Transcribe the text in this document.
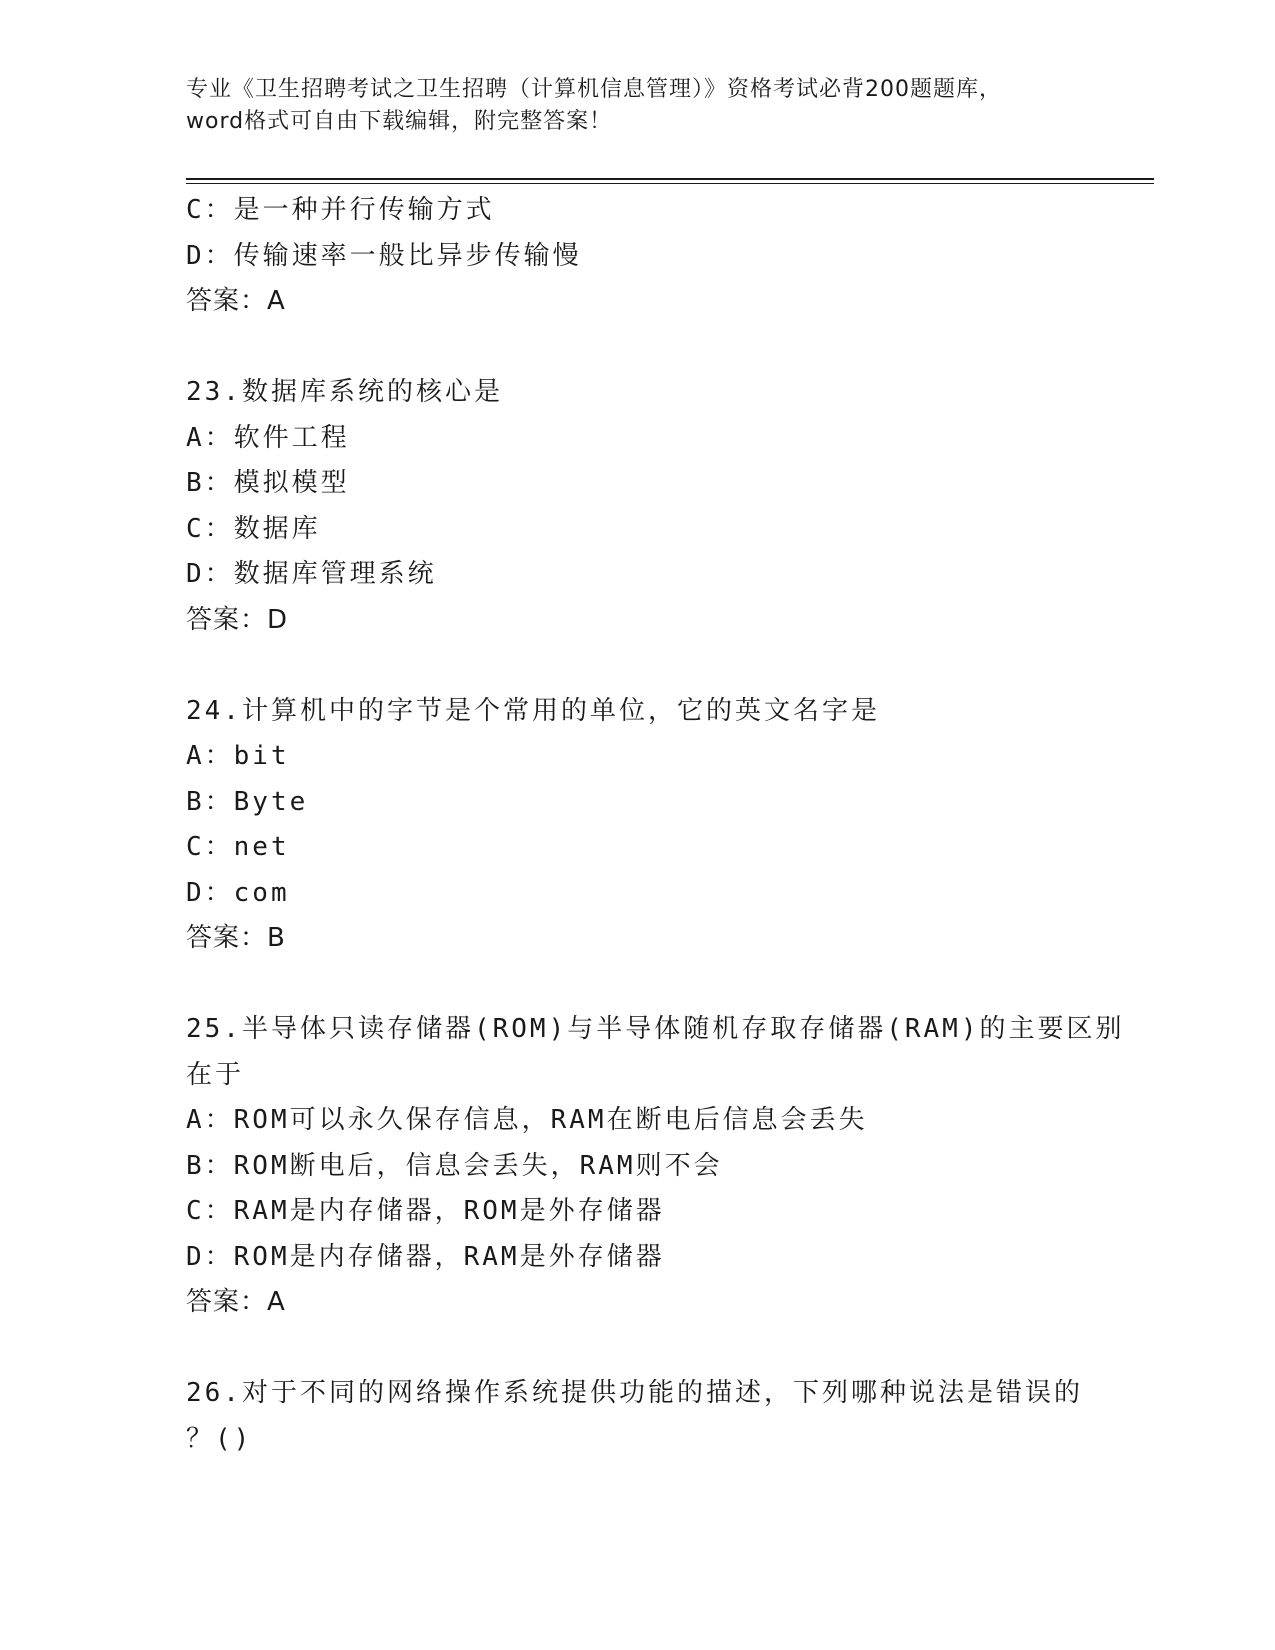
专业《卫生招聘考试之卫生招聘（计算机信息管理）》资格考试必背200题题库，
word格式可自由下载编辑，附完整答案！
C：是一种并行传输方式
D：传输速率一般比异步传输慢
答案：A
23.数据库系统的核心是
A：软件工程
B：模拟模型
C：数据库
D：数据库管理系统
答案：D
24.计算机中的字节是个常用的单位，它的英文名字是
A：bit
B：Byte
C：net
D：com
答案：B
25.半导体只读存储器(ROM)与半导体随机存取存储器(RAM)的主要区别
在于
A：ROM可以永久保存信息，RAM在断电后信息会丢失
B：ROM断电后，信息会丢失，RAM则不会
C：RAM是内存储器，ROM是外存储器
D：ROM是内存储器，RAM是外存储器
答案：A
26.对于不同的网络操作系统提供功能的描述，下列哪种说法是错误的
？()
